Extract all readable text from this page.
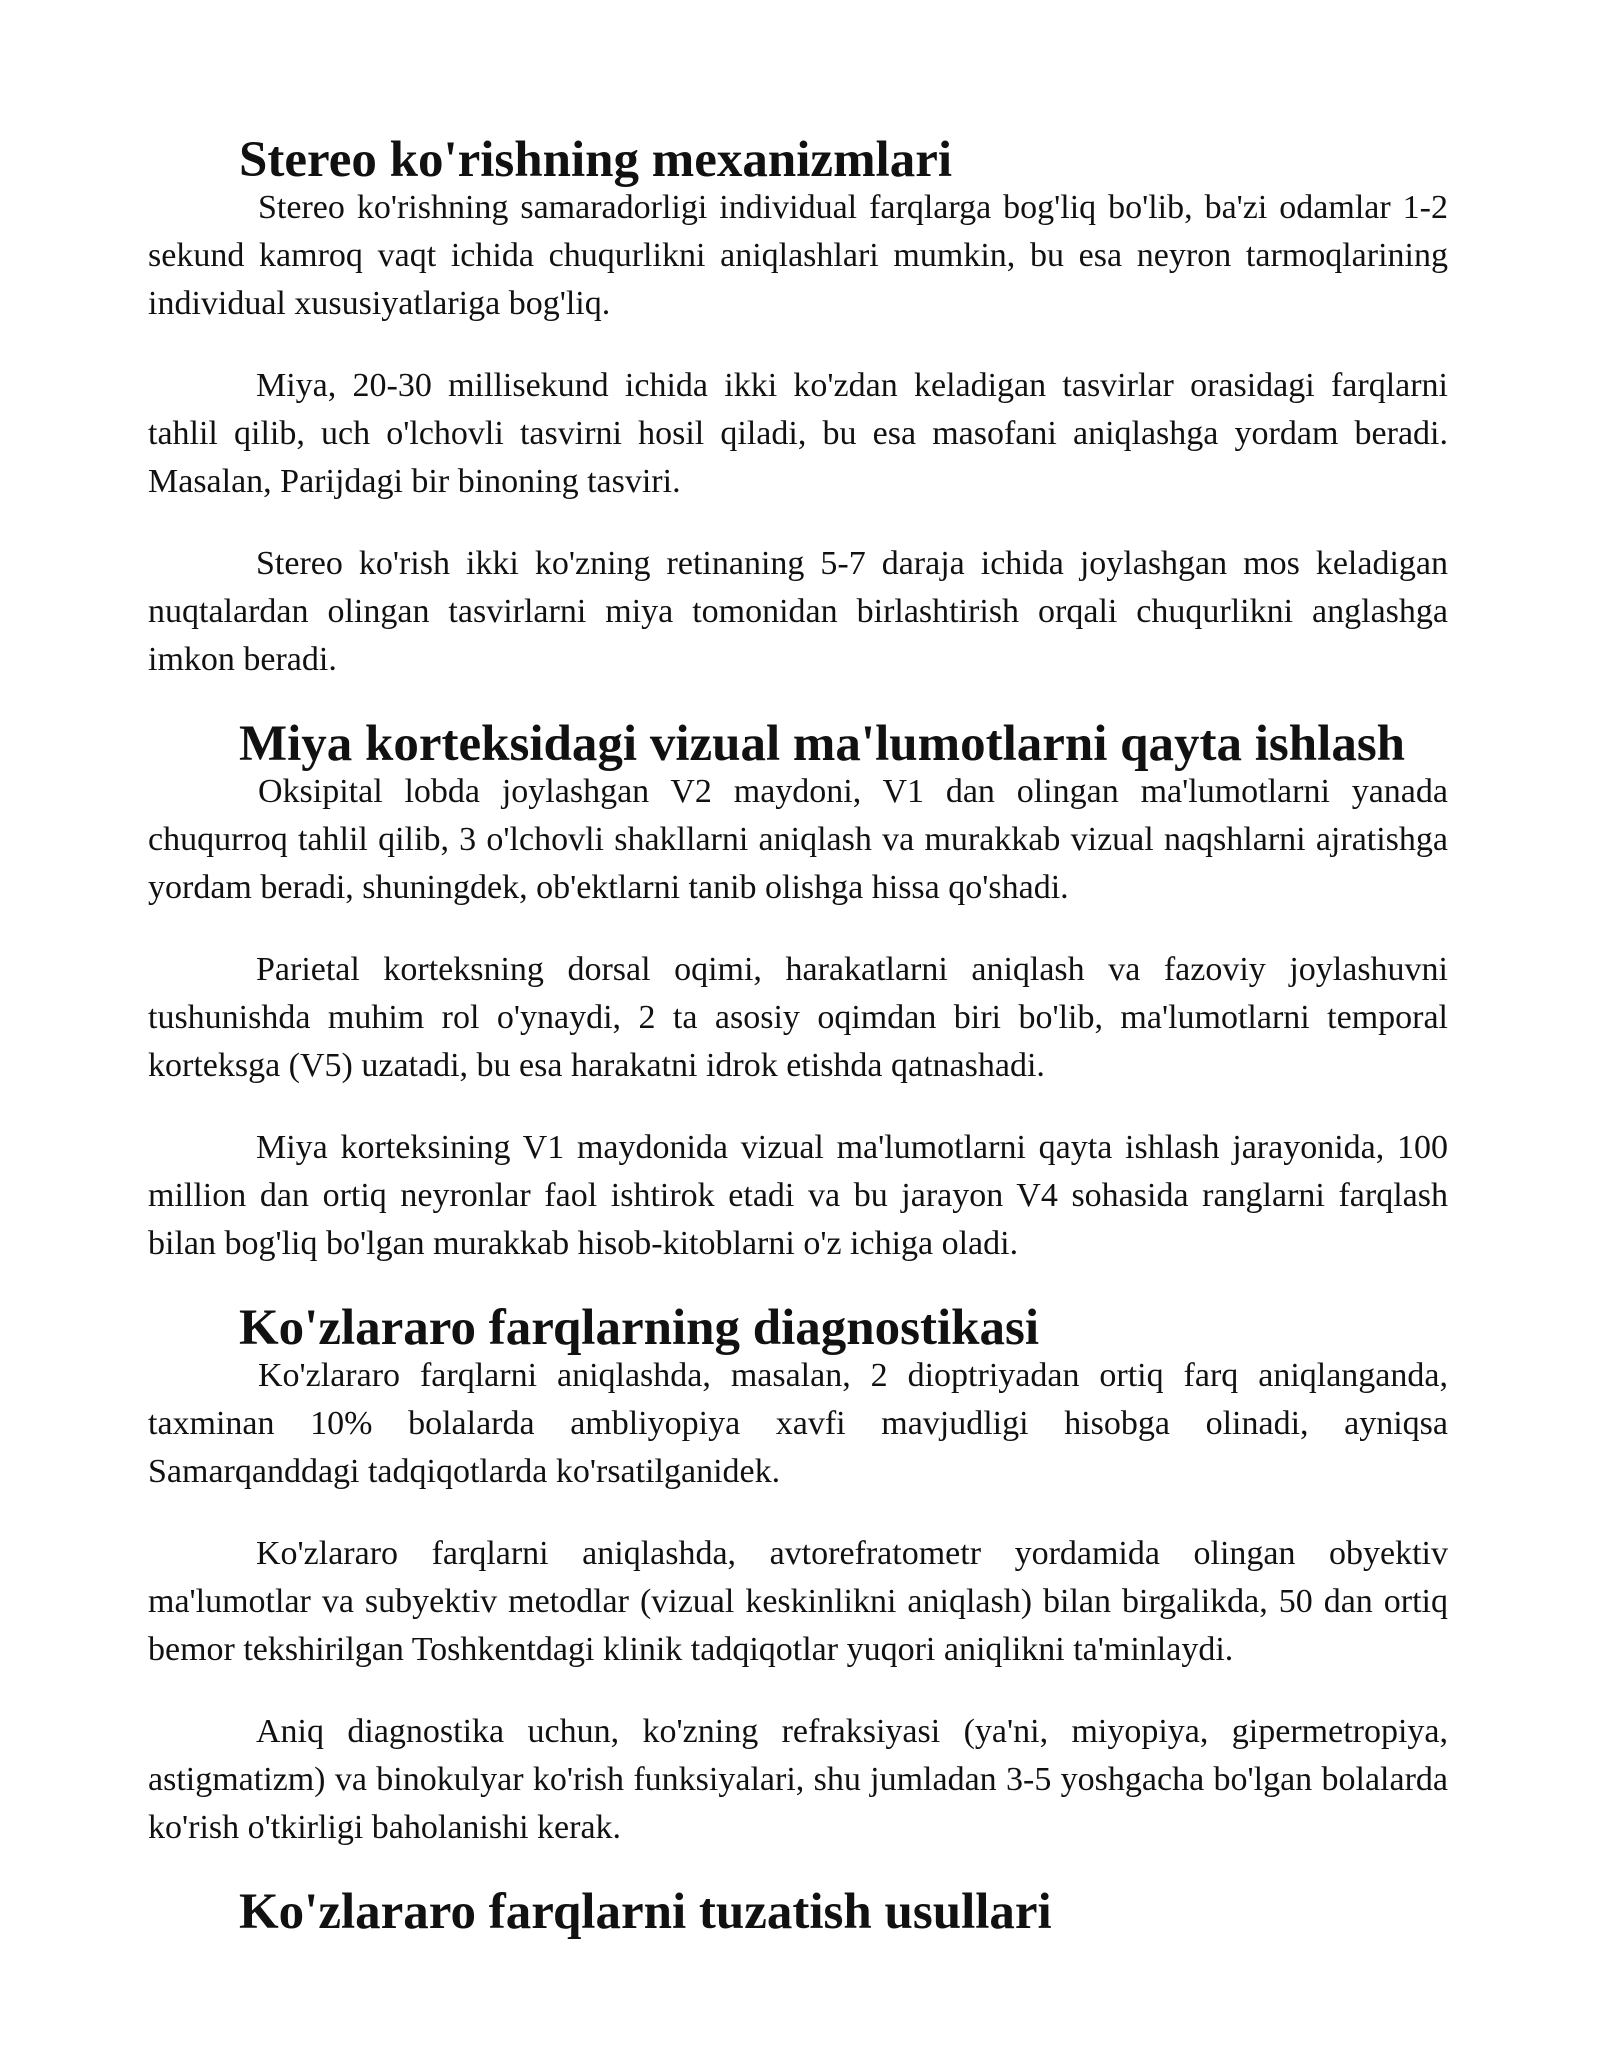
Stereo ko'rishning mexanizmlari

Stereo ko'rishning samaradorligi individual farqlarga bog'liq bo'lib, ba'zi odamlar 1-2 sekund kamroq vaqt ichida chuqurlikni aniqlashlari mumkin, bu esa neyron tarmoqlarining individual xususiyatlariga bog'liq.

Miya, 20-30 millisekund ichida ikki ko'zdan keladigan tasvirlar orasidagi farqlarni tahlil qilib, uch o'lchovli tasvirni hosil qiladi, bu esa masofani aniqlashga yordam beradi. Masalan, Parijdagi bir binoning tasviri.

Stereo ko'rish ikki ko'zning retinaning 5-7 daraja ichida joylashgan mos keladigan nuqtalardan olingan tasvirlarni miya tomonidan birlashtirish orqali chuqurlikni anglashga imkon beradi.

Miya korteksidagi vizual ma'lumotlarni qayta ishlash

Oksipital lobda joylashgan V2 maydoni, V1 dan olingan ma'lumotlarni yanada chuqurroq tahlil qilib, 3 o'lchovli shakllarni aniqlash va murakkab vizual naqshlarni ajratishga yordam beradi, shuningdek, ob'ektlarni tanib olishga hissa qo'shadi.

Parietal korteksning dorsal oqimi, harakatlarni aniqlash va fazoviy joylashuvni tushunishda muhim rol o'ynaydi, 2 ta asosiy oqimdan biri bo'lib, ma'lumotlarni temporal korteksga (V5) uzatadi, bu esa harakatni idrok etishda qatnashadi.

Miya korteksining V1 maydonida vizual ma'lumotlarni qayta ishlash jarayonida, 100 million dan ortiq neyronlar faol ishtirok etadi va bu jarayon V4 sohasida ranglarni farqlash bilan bog'liq bo'lgan murakkab hisob-kitoblarni o'z ichiga oladi.

Ko'zlararo farqlarning diagnostikasi

Ko'zlararo farqlarni aniqlashda, masalan, 2 dioptriyadan ortiq farq aniqlanganda, taxminan 10% bolalarda ambliyopiya xavfi mavjudligi hisobga olinadi, ayniqsa Samarqanddagi tadqiqotlarda ko'rsatilganidek.

Ko'zlararo farqlarni aniqlashda, avtorefratometr yordamida olingan obyektiv ma'lumotlar va subyektiv metodlar (vizual keskinlikni aniqlash) bilan birgalikda, 50 dan ortiq bemor tekshirilgan Toshkentdagi klinik tadqiqotlar yuqori aniqlikni ta'minlaydi.

Aniq diagnostika uchun, ko'zning refraksiyasi (ya'ni, miyopiya, gipermetropiya, astigmatizm) va binokulyar ko'rish funksiyalari, shu jumladan 3-5 yoshgacha bo'lgan bolalarda ko'rish o'tkirligi baholanishi kerak.

Ko'zlararo farqlarni tuzatish usullari
